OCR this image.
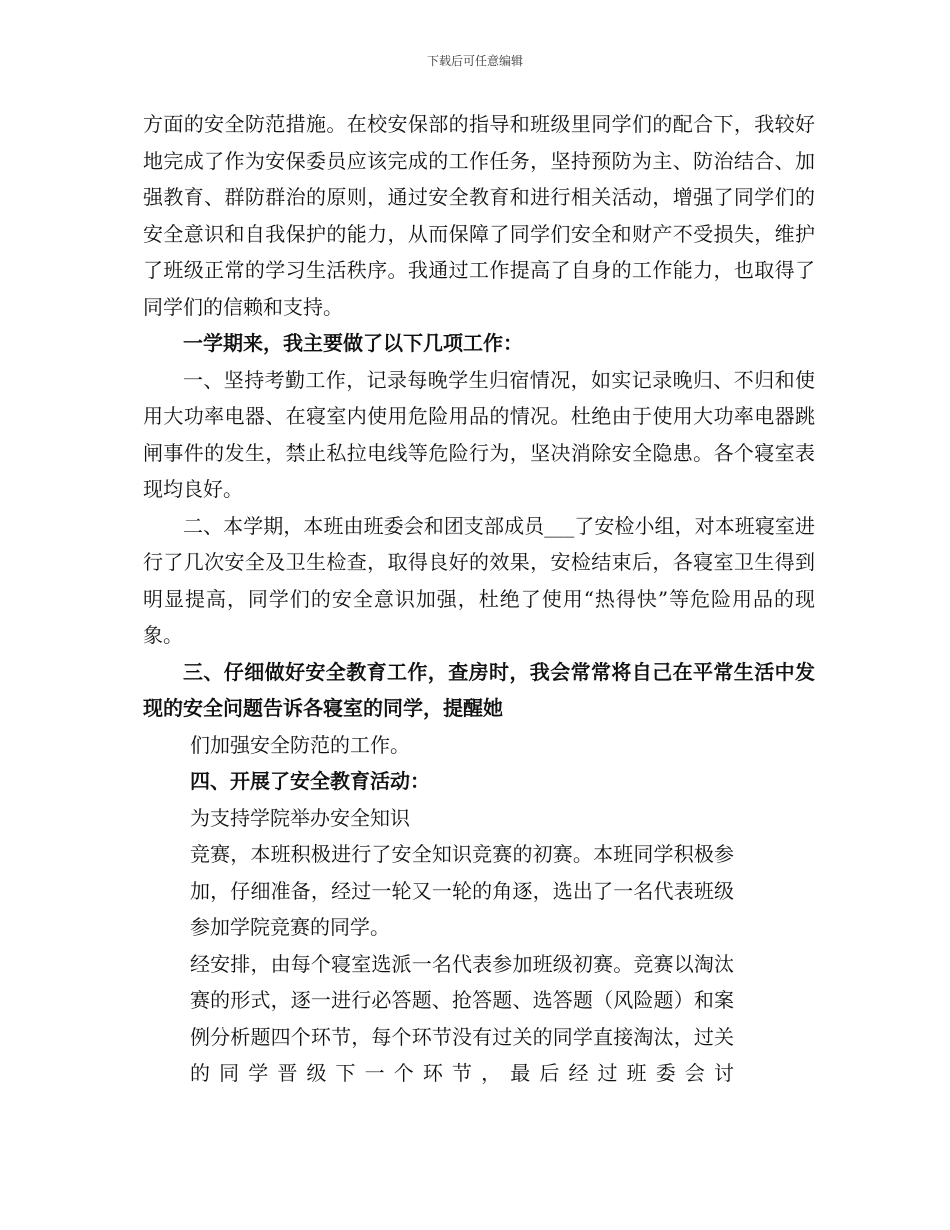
下载后可任意编辑

方面的安全防范措施。在校安保部的指导和班级里同学们的配合下，我较好地完成了作为安保委员应该完成的工作任务，坚持预防为主、防治结合、加强教育、群防群治的原则，通过安全教育和进行相关活动，增强了同学们的安全意识和自我保护的能力，从而保障了同学们安全和财产不受损失，维护了班级正常的学习生活秩序。我通过工作提高了自身的工作能力，也取得了同学们的信赖和支持。

一学期来，我主要做了以下几项工作：

一、坚持考勤工作，记录每晚学生归宿情况，如实记录晚归、不归和使用大功率电器、在寝室内使用危险用品的情况。杜绝由于使用大功率电器跳闸事件的发生，禁止私拉电线等危险行为，坚决消除安全隐患。各个寝室表现均良好。

二、本学期，本班由班委会和团支部成员___了安检小组，对本班寝室进行了几次安全及卫生检查，取得良好的效果，安检结束后，各寝室卫生得到明显提高，同学们的安全意识加强，杜绝了使用“热得快”等危险用品的现象。

三、仔细做好安全教育工作，查房时，我会常常将自己在平常生活中发现的安全问题告诉各寝室的同学，提醒她

们加强安全防范的工作。

四、开展了安全教育活动：

为支持学院举办安全知识

竞赛，本班积极进行了安全知识竞赛的初赛。本班同学积极参加，仔细准备，经过一轮又一轮的角逐，选出了一名代表班级参加学院竞赛的同学。

经安排，由每个寝室选派一名代表参加班级初赛。竞赛以淘汰赛的形式，逐一进行必答题、抢答题、选答题（风险题）和案例分析题四个环节，每个环节没有过关的同学直接淘汰，过关的同学晋级下一个环节，最后经过班委会讨
